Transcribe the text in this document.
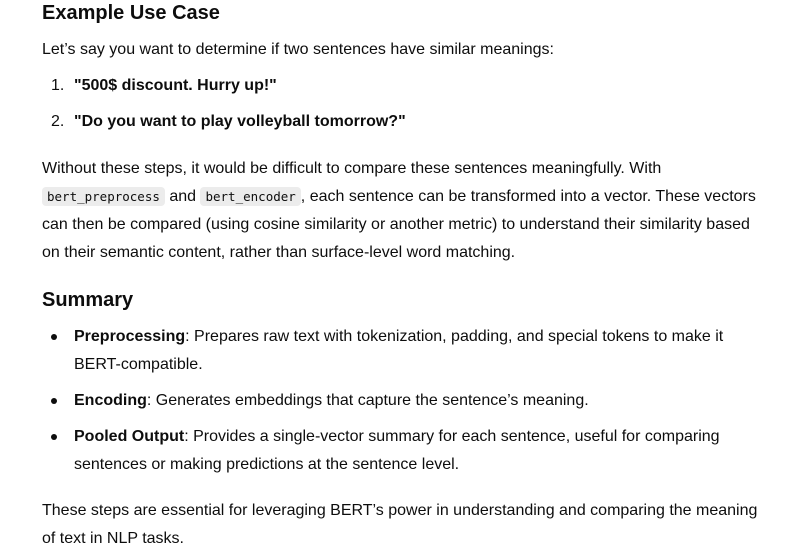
Example Use Case

Let’s say you want to determine if two sentences have similar meanings:

1. "500$ discount. Hurry up!"
2. "Do you want to play volleyball tomorrow?"

Without these steps, it would be difficult to compare these sentences meaningfully. With bert_preprocess and bert_encoder , each sentence can be transformed into a vector. These vectors can then be compared (using cosine similarity or another metric) to understand their similarity based on their semantic content, rather than surface-level word matching.

Summary
Preprocessing: Prepares raw text with tokenization, padding, and special tokens to make it BERT-compatible.
Encoding: Generates embeddings that capture the sentence’s meaning.
Pooled Output: Provides a single-vector summary for each sentence, useful for comparing sentences or making predictions at the sentence level.

These steps are essential for leveraging BERT’s power in understanding and comparing the meaning of text in NLP tasks.
